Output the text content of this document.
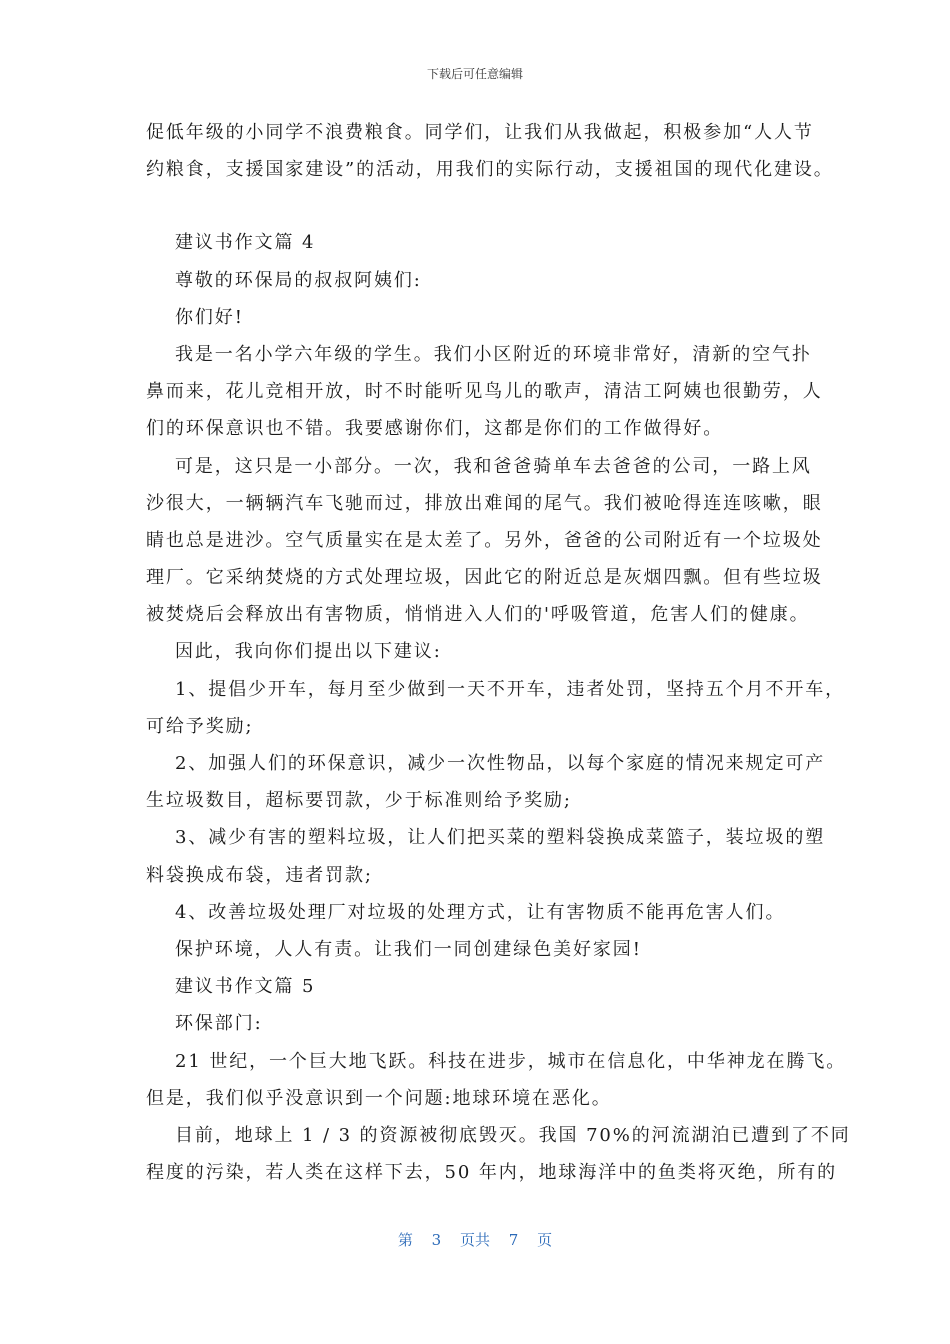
下载后可任意编辑
促低年级的小同学不浪费粮食。同学们，让我们从我做起，积极参加“人人节
约粮食，支援国家建设”的活动，用我们的实际行动，支援祖国的现代化建设。
建议书作文篇 4
尊敬的环保局的叔叔阿姨们:
你们好!
我是一名小学六年级的学生。我们小区附近的环境非常好，清新的空气扑
鼻而来，花儿竞相开放，时不时能听见鸟儿的歌声，清洁工阿姨也很勤劳，人
们的环保意识也不错。我要感谢你们，这都是你们的工作做得好。
可是，这只是一小部分。一次，我和爸爸骑单车去爸爸的公司，一路上风
沙很大，一辆辆汽车飞驰而过，排放出难闻的尾气。我们被呛得连连咳嗽，眼
睛也总是进沙。空气质量实在是太差了。另外，爸爸的公司附近有一个垃圾处
理厂。它采纳焚烧的方式处理垃圾，因此它的附近总是灰烟四飘。但有些垃圾
被焚烧后会释放出有害物质，悄悄进入人们的'呼吸管道，危害人们的健康。
因此，我向你们提出以下建议:
1、提倡少开车，每月至少做到一天不开车，违者处罚，坚持五个月不开车，
可给予奖励;
2、加强人们的环保意识，减少一次性物品，以每个家庭的情况来规定可产
生垃圾数目，超标要罚款，少于标准则给予奖励;
3、减少有害的塑料垃圾，让人们把买菜的塑料袋换成菜篮子，装垃圾的塑
料袋换成布袋，违者罚款;
4、改善垃圾处理厂对垃圾的处理方式，让有害物质不能再危害人们。
保护环境，人人有责。让我们一同创建绿色美好家园!
建议书作文篇 5
环保部门:
21 世纪，一个巨大地飞跃。科技在进步，城市在信息化，中华神龙在腾飞。
但是，我们似乎没意识到一个问题:地球环境在恶化。
目前，地球上 1 / 3 的资源被彻底毁灭。我国 70%的河流湖泊已遭到了不同
程度的污染，若人类在这样下去，50 年内，地球海洋中的鱼类将灭绝，所有的
第 3 页共 7 页
